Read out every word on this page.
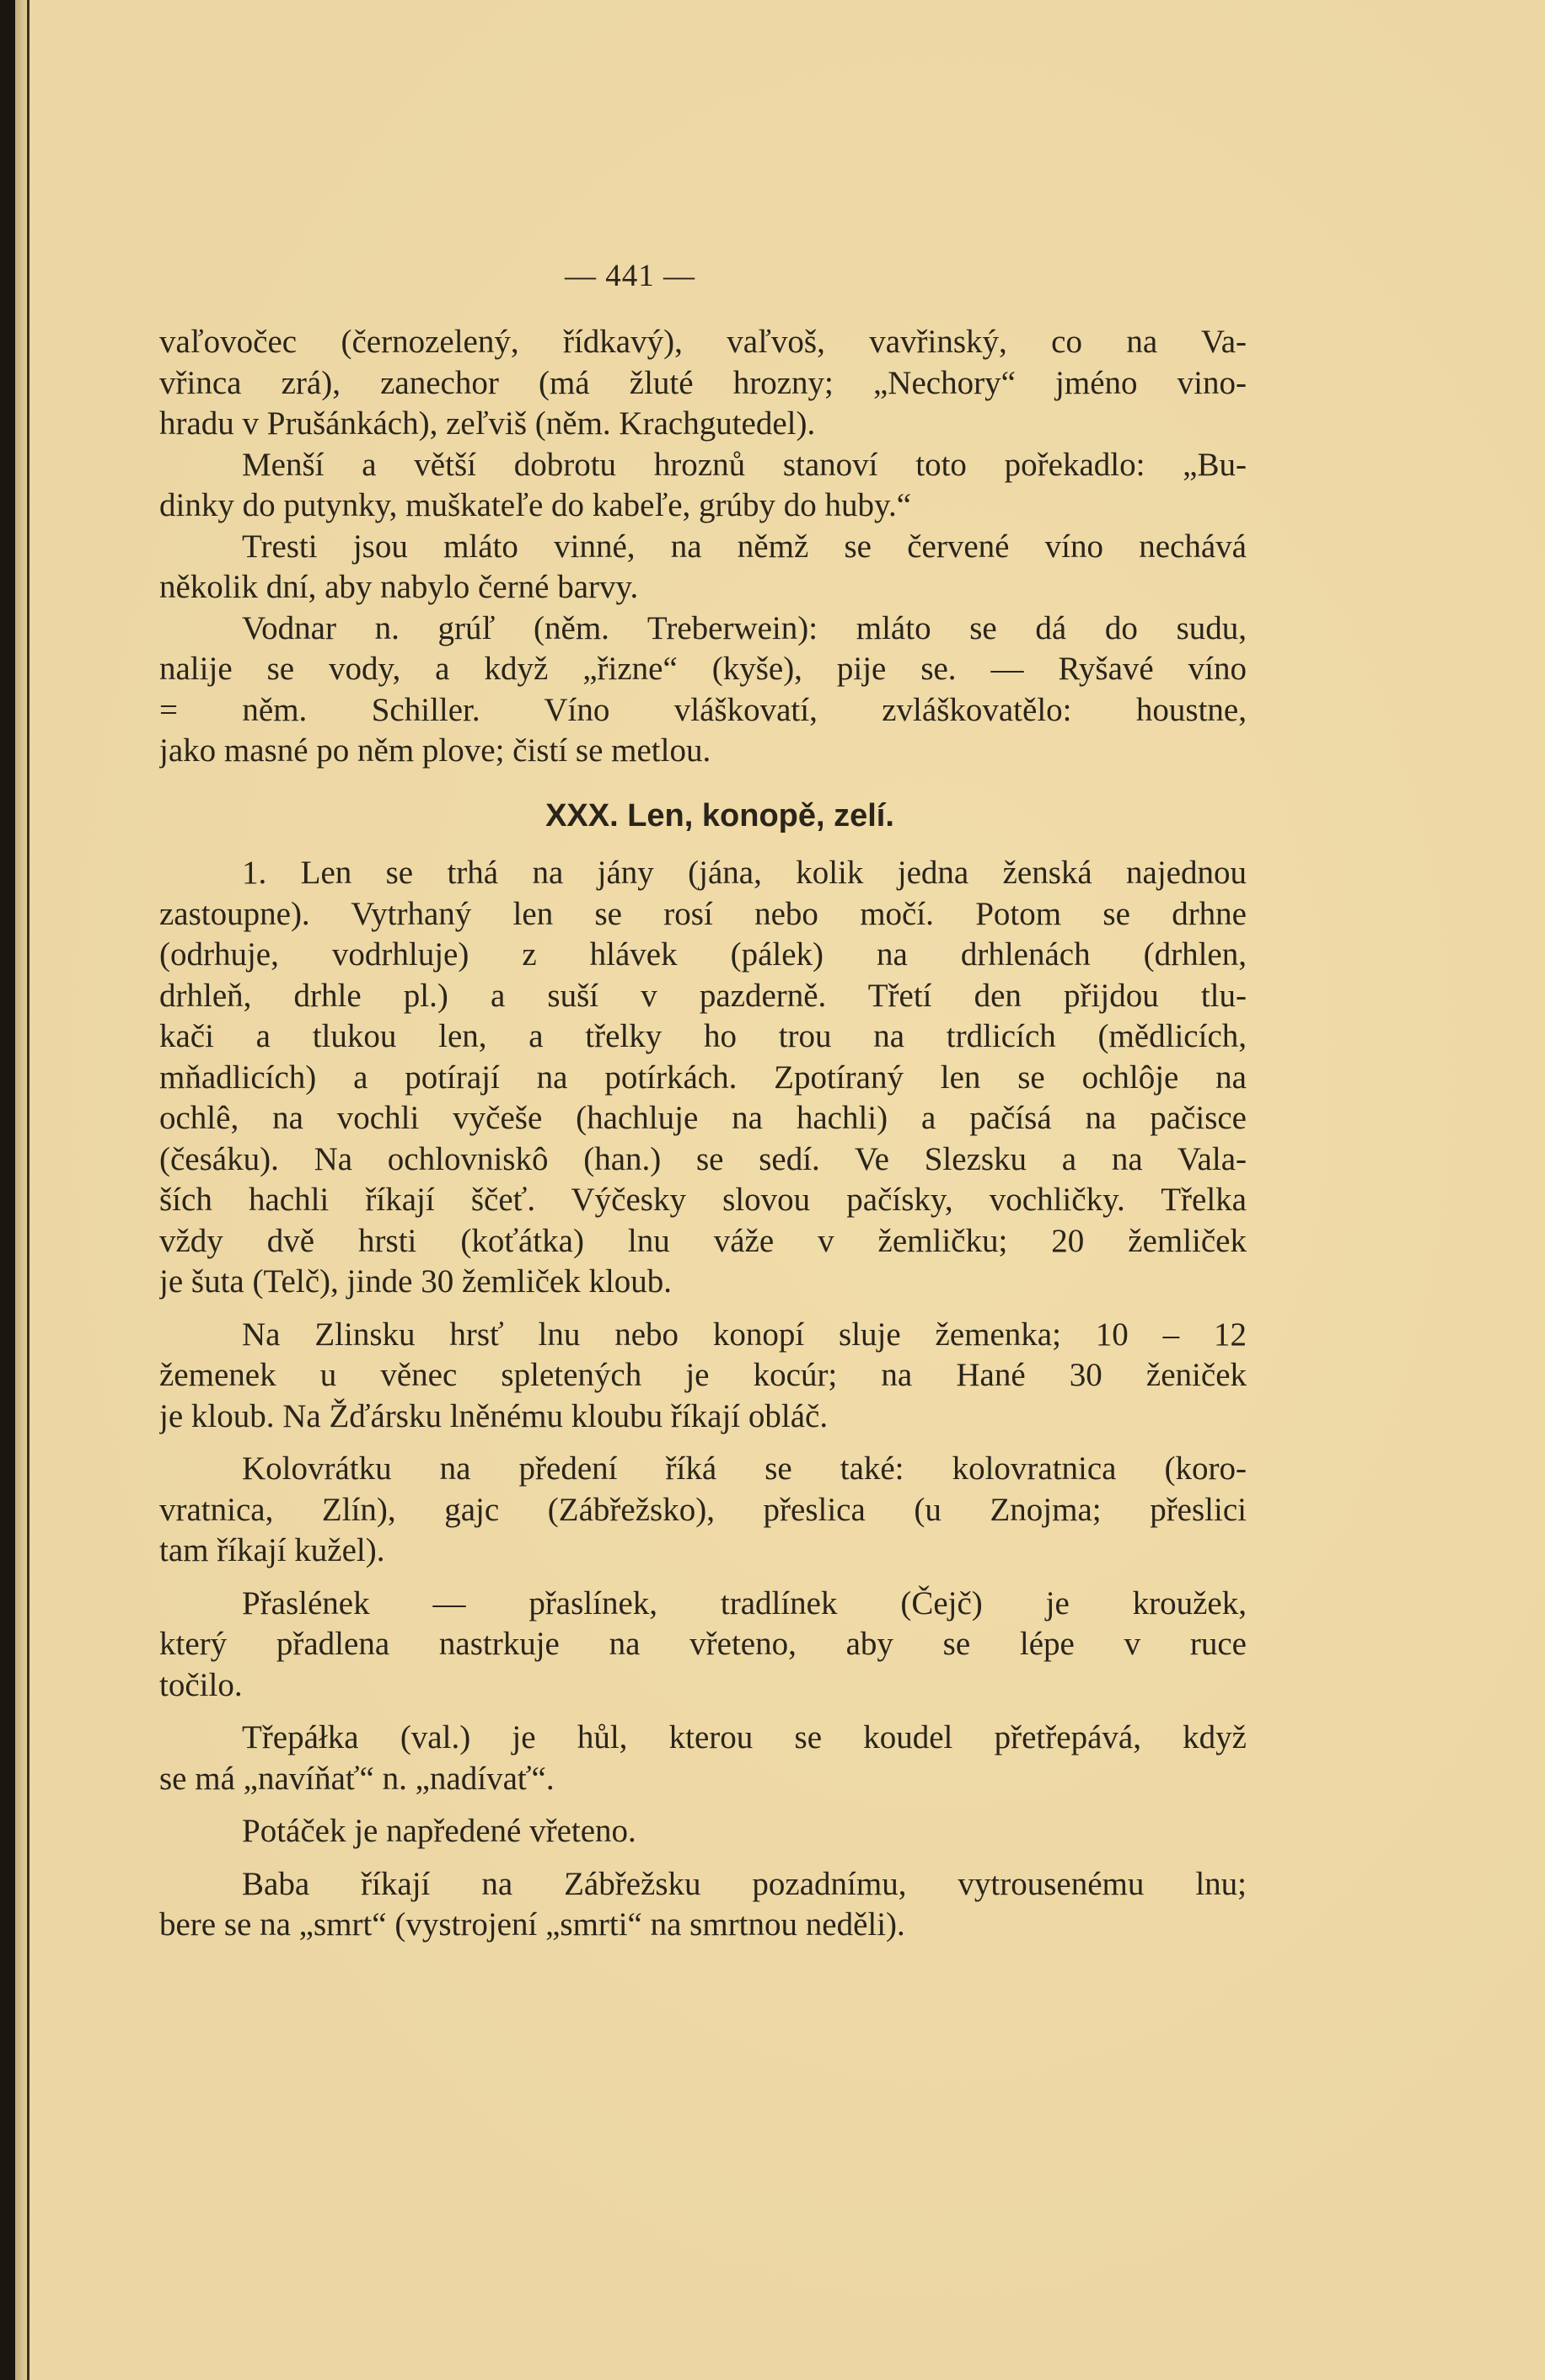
— 441 —
vaľovočec (černozelený, řídkavý), vaľvoš, vavřinský, co na Va-
vřinca zrá), zanechor (má žluté hrozny; „Nechory“ jméno vino-
hradu v Prušánkách), zeľviš (něm. Krachgutedel).
Menší a větší dobrotu hroznů stanoví toto pořekadlo: „Bu-
dinky do putynky, muškateľe do kabeľe, grúby do huby.“
Tresti jsou mláto vinné, na němž se červené víno nechává
několik dní, aby nabylo černé barvy.
Vodnar n. grúľ (něm. Treberwein): mláto se dá do sudu,
nalije se vody, a když „řizne“ (kyše), pije se. — Ryšavé víno
= něm. Schiller. Víno vláškovatí, zvláškovatělo: houstne,
jako masné po něm plove; čistí se metlou.
XXX. Len, konopě, zelí.
1. Len se trhá na jány (jána, kolik jedna ženská najednou
zastoupne). Vytrhaný len se rosí nebo močí. Potom se drhne
(odrhuje, vodrhluje) z hlávek (pálek) na drhlenách (drhlen,
drhleň, drhle pl.) a suší v pazderně. Třetí den přijdou tlu-
kači a tlukou len, a třelky ho trou na trdlicích (mědlicích,
mňadlicích) a potírají na potírkách. Zpotíraný len se ochlôje na
ochlê, na vochli vyčeše (hachluje na hachli) a pačísá na pačisce
(česáku). Na ochlovniskô (han.) se sedí. Ve Slezsku a na Vala-
ších hachli říkají ščeť. Výčesky slovou pačísky, vochličky. Třelka
vždy dvě hrsti (koťátka) lnu váže v žemličku; 20 žemliček
je šuta (Telč), jinde 30 žemliček kloub.
Na Zlinsku hrsť lnu nebo konopí sluje žemenka; 10 – 12
žemenek u věnec spletených je kocúr; na Hané 30 ženiček
je kloub. Na Žďársku lněnému kloubu říkají obláč.
Kolovrátku na předení říká se také: kolovratnica (koro-
vratnica, Zlín), gajc (Zábřežsko), přeslica (u Znojma; přeslici
tam říkají kužel).
Přaslének — přaslínek, tradlínek (Čejč) je kroužek,
který přadlena nastrkuje na vřeteno, aby se lépe v ruce
točilo.
Třepáłka (val.) je hůl, kterou se koudel přetřepává, když
se má „navíňať“ n. „nadívať“.
Potáček je napředené vřeteno.
Baba říkají na Zábřežsku pozadnímu, vytrousenému lnu;
bere se na „smrt“ (vystrojení „smrti“ na smrtnou neděli).
